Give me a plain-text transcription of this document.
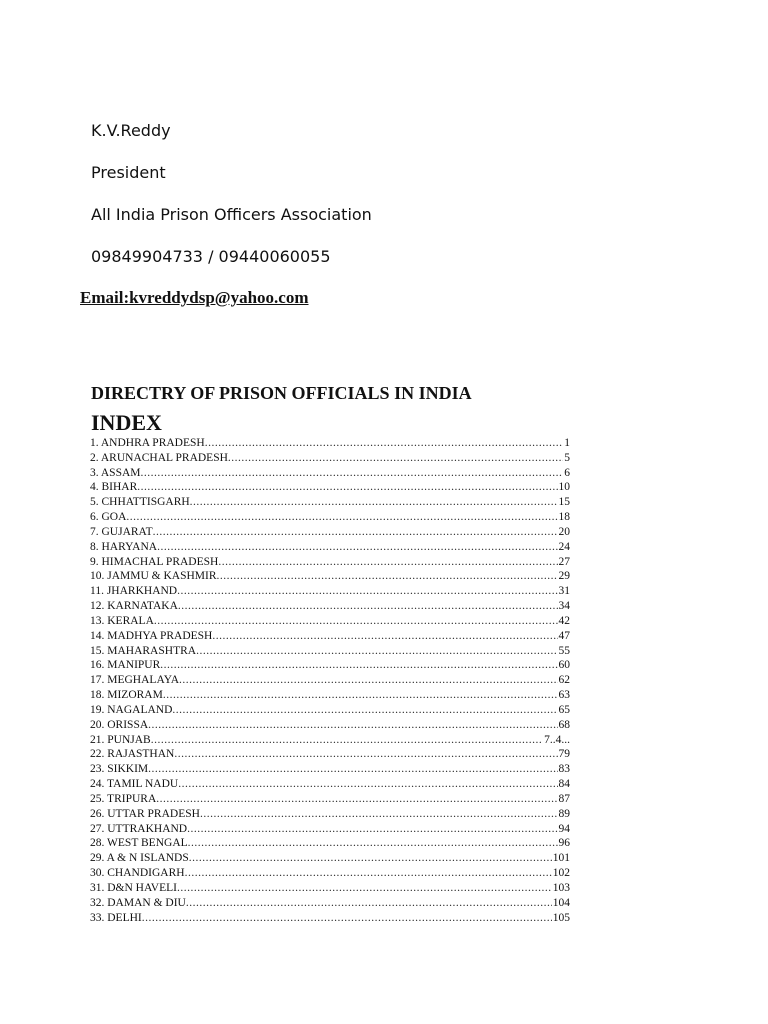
K.V.Reddy
President
All India Prison Officers Association
09849904733 / 09440060055
Email:kvreddydsp@yahoo.com
DIRECTRY OF PRISON OFFICIALS IN INDIA
INDEX
1. ANDHRA PRADESH .....	1
2. ARUNACHAL PRADESH .....	5
3. ASSAM .....	6
4. BIHAR .....	10
5. CHHATTISGARH .....	15
6. GOA .....	18
7. GUJARAT .....	20
8. HARYANA .....	24
9. HIMACHAL PRADESH .....	27
10. JAMMU & KASHMIR .....	29
11. JHARKHAND .....	31
12. KARNATAKA .....	34
13. KERALA .....	42
14. MADHYA PRADESH .....	47
15. MAHARASHTRA .....	55
16. MANIPUR .....	60
17. MEGHALAYA .....	62
18. MIZORAM .....	63
19. NAGALAND .....	65
20. ORISSA .....	68
21. PUNJAB .....	7..4...
22. RAJASTHAN .....	79
23. SIKKIM .....	83
24. TAMIL NADU .....	84
25. TRIPURA .....	87
26. UTTAR PRADESH .....	89
27. UTTRAKHAND .....	94
28. WEST BENGAL .....	96
29. A & N ISLANDS .....	101
30. CHANDIGARH .....	102
31. D&N HAVELI .....	103
32. DAMAN & DIU .....	104
33. DELHI .....	105
